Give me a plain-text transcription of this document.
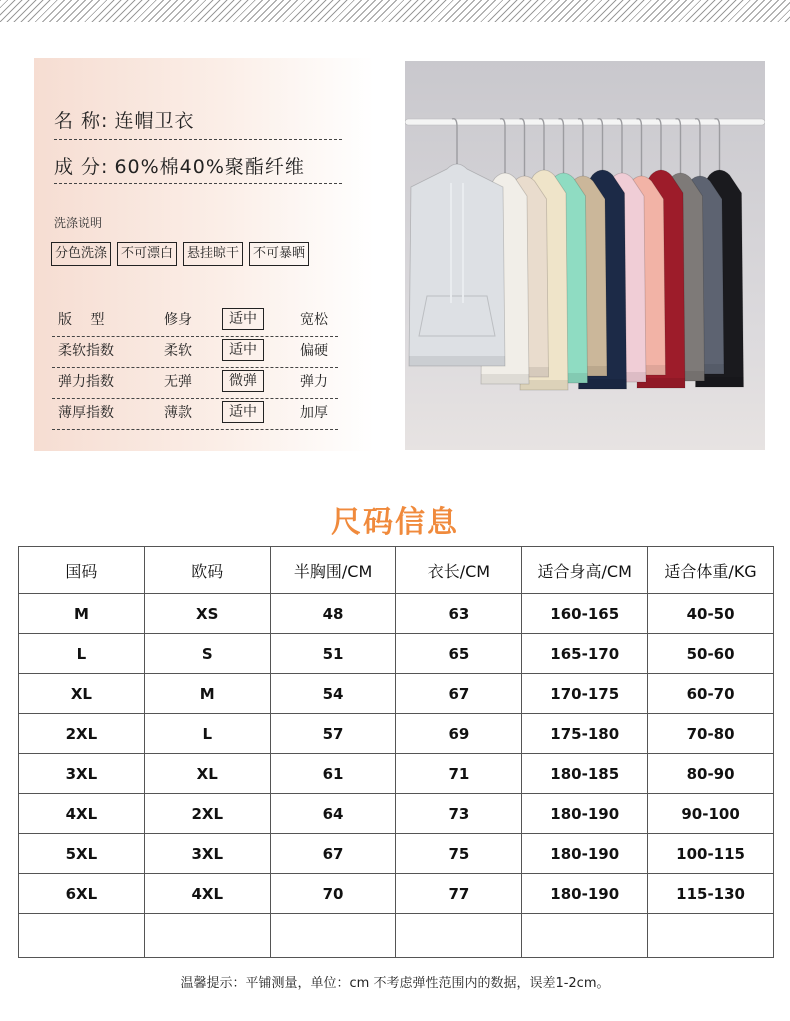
名 称: 连帽卫衣
成 分: 60%棉40%聚酯纤维
洗涤说明
分色洗涤	不可漂白	悬挂晾干	不可暴晒
版　 型	修身	适中	宽松
柔软指数	柔软	适中	偏硬
弹力指数	无弹	微弹	弹力
薄厚指数	薄款	适中	加厚
尺码信息
国码	欧码	半胸围/CM	衣长/CM	适合身高/CM	适合体重/KG
M	XS	48	63	160-165	40-50
L	S	51	65	165-170	50-60
XL	M	54	67	170-175	60-70
2XL	L	57	69	175-180	70-80
3XL	XL	61	71	180-185	80-90
4XL	2XL	64	73	180-190	90-100
5XL	3XL	67	75	180-190	100-115
6XL	4XL	70	77	180-190	115-130

温馨提示：平铺测量，单位：cm 不考虑弹性范围内的数据，误差1-2cm。
